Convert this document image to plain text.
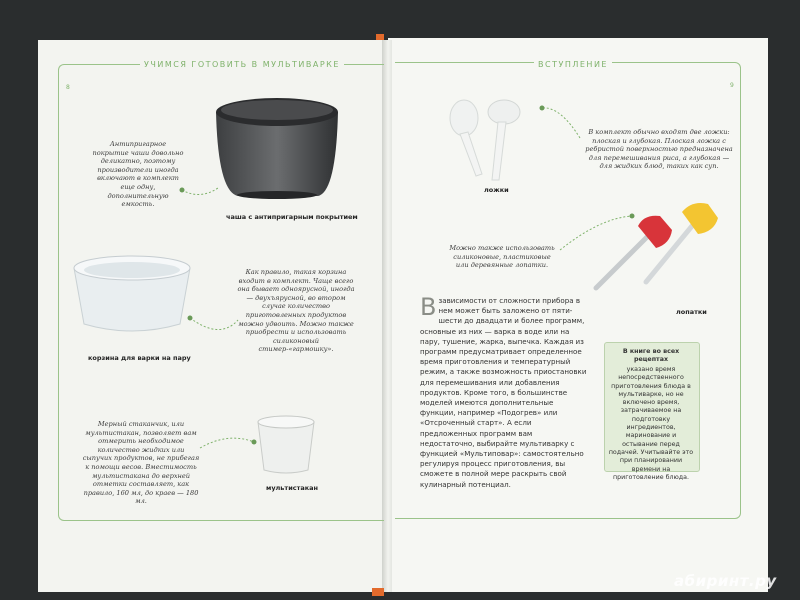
УЧИМСЯ ГОТОВИТЬ В МУЛЬТИВАРКЕ
8
Антипригарное покрытие чаши довольно деликатно, поэтому производители иногда включают в комплект еще одну, дополнительную емкость.
чаша с антипригарным покрытием
Как правило, такая корзина входит в комплект. Чаще всего она бывает одноярусной, иногда — двухъярусной, во втором случае количество приготовленных продуктов можно удвоить. Можно также приобрести и использовать силиконовый стимер-«гармошку».
корзина для варки на пару
Мерный стаканчик, или мультистакан, позволяет вам отмерить необходимое количество жидких или сыпучих продуктов, не прибегая к помощи весов. Вместимость мультистакана до верхней отметки составляет, как правило, 160 мл, до краев — 180 мл.
мультистакан
ВСТУПЛЕНИЕ
9
В комплект обычно входят две ложки: плоская и глубокая. Плоская ложка с ребристой поверхностью предназначена для перемешивания риса, а глубокая — для жидких блюд, таких как суп.
ложки
Можно также использовать силиконовые, пластиковые или деревянные лопатки.
лопатки
В зависимости от сложности прибора в нем может быть заложено от пяти-шести до двадцати и более программ, основные из них — варка в воде или на пару, тушение, жарка, выпечка. Каждая из программ предусматривает определенное время приготовления и температурный режим, а также возможность приостановки для перемешивания или добавления продуктов. Кроме того, в большинстве моделей имеются дополнительные функции, например «Подогрев» или «Отсроченный старт». А если предложенных программ вам недостаточно, выбирайте мультиварку с функцией «Мультиповар»: самостоятельно регулируя процесс приготовления, вы сможете в полной мере раскрыть свой кулинарный потенциал.
В книге во всех рецептах
указано время непосредственного приготовления блюда в мультиварке, но не включено время, затрачиваемое на подготовку ингредиентов, маринование и остывание перед подачей. Учитывайте это при планировании времени на приготовление блюда.
абиринт.ру
